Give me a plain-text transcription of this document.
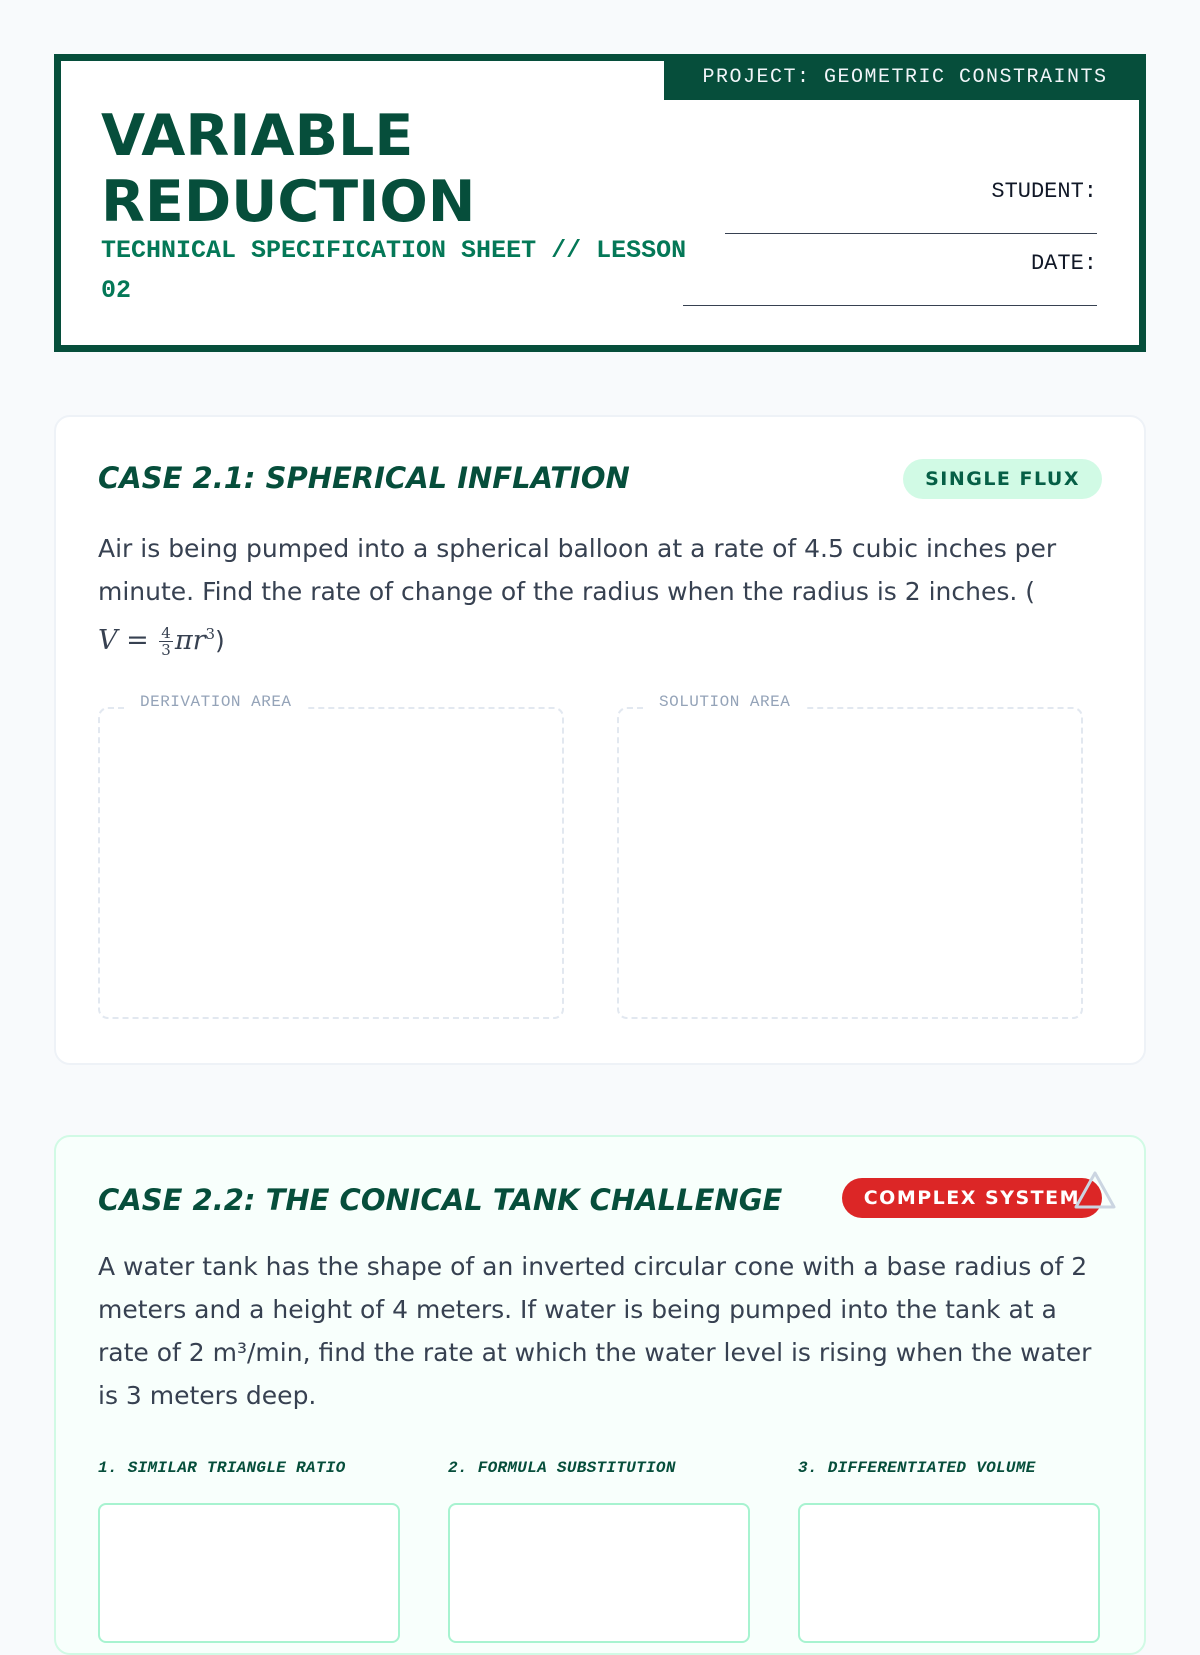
PROJECT: GEOMETRIC CONSTRAINTS
VARIABLE
REDUCTION
TECHNICAL SPECIFICATION SHEET // LESSON 02
STUDENT:
DATE:
CASE 2.1: SPHERICAL INFLATION	SINGLE FLUX

Air is being pumped into a spherical balloon at a rate of 4.5 cubic inches per minute. Find the rate of change of the radius when the radius is 2 inches. (
$V = \frac{4}{3} \pi r^3$)

DERIVATION AREA	SOLUTION AREA
CASE 2.2: THE CONICAL TANK CHALLENGE	COMPLEX SYSTEM

A water tank has the shape of an inverted circular cone with a base radius of 2 meters and a height of 4 meters. If water is being pumped into the tank at a rate of 2 m³/min, find the rate at which the water level is rising when the water is 3 meters deep.

1. SIMILAR TRIANGLE RATIO	2. FORMULA SUBSTITUTION	3. DIFFERENTIATED VOLUME
